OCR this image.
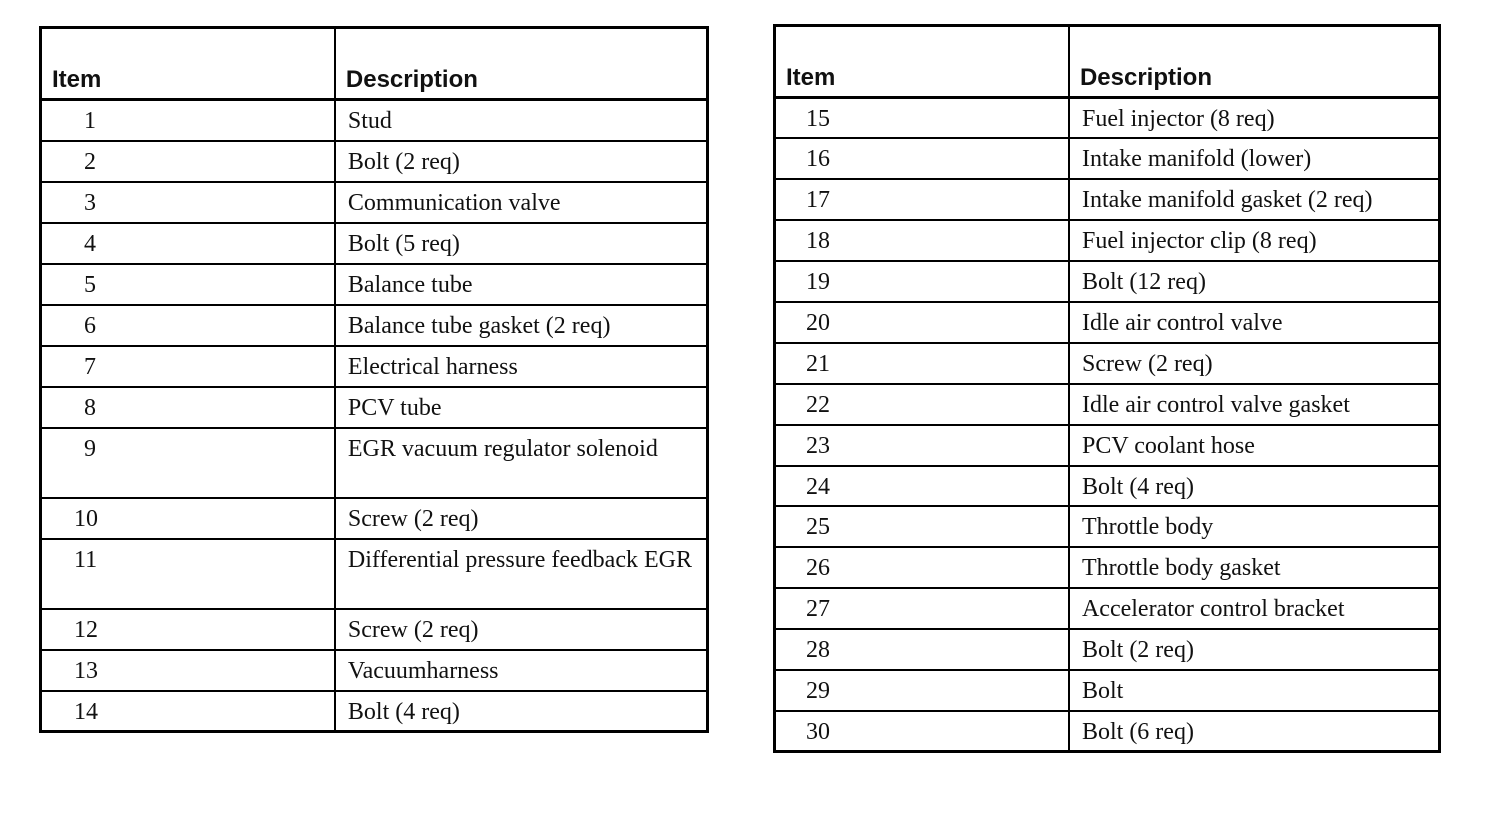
Item	Description
1	Stud
2	Bolt (2 req)
3	Communication valve
4	Bolt (5 req)
5	Balance tube
6	Balance tube gasket (2 req)
7	Electrical harness
8	PCV tube
9	EGR vacuum regulator solenoid
10	Screw (2 req)
11	Differential pressure feedback EGR
12	Screw (2 req)
13	Vacuumharness
14	Bolt (4 req)
Item	Description
15	Fuel injector (8 req)
16	Intake manifold (lower)
17	Intake manifold gasket (2 req)
18	Fuel injector clip (8 req)
19	Bolt (12 req)
20	Idle air control valve
21	Screw (2 req)
22	Idle air control valve gasket
23	PCV coolant hose
24	Bolt (4 req)
25	Throttle body
26	Throttle body gasket
27	Accelerator control bracket
28	Bolt (2 req)
29	Bolt
30	Bolt (6 req)
